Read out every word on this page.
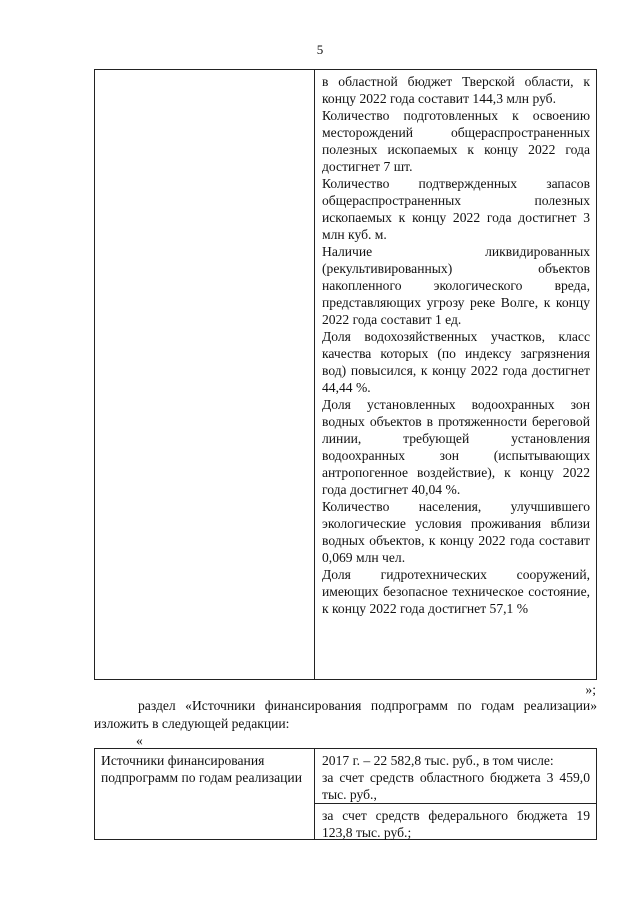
5

в областной бюджет Тверской области, к концу 2022 года составит 144,3 млн руб.

Количество подготовленных к освоению месторождений общераспространенных полезных ископаемых к концу 2022 года достигнет 7 шт.

Количество подтвержденных запасов общераспространенных полезных ископаемых к концу 2022 года достигнет 3 млн куб. м.

Наличие ликвидированных (рекультивированных) объектов накопленного экологического вреда, представляющих угрозу реке Волге, к концу 2022 года составит 1 ед.

Доля водохозяйственных участков, класс качества которых (по индексу загрязнения вод) повысился, к концу 2022 года достигнет 44,44 %.

Доля установленных водоохранных зон водных объектов в протяженности береговой линии, требующей установления водоохранных зон (испытывающих антропогенное воздействие), к концу 2022 года достигнет 40,04 %.

Количество населения, улучшившего экологические условия проживания вблизи водных объектов, к концу 2022 года составит 0,069 млн чел.

Доля гидротехнических сооружений, имеющих безопасное техническое состояние, к концу 2022 года достигнет 57,1 %

»;

раздел «Источники финансирования подпрограмм по годам реализации» изложить в следующей редакции:

«

Источники финансирования подпрограмм по годам реализации

2017 г. – 22 582,8 тыс. руб., в том числе:

за счет средств областного бюджета 3 459,0 тыс. руб.,

за счет средств федерального бюджета 19 123,8 тыс. руб.;
